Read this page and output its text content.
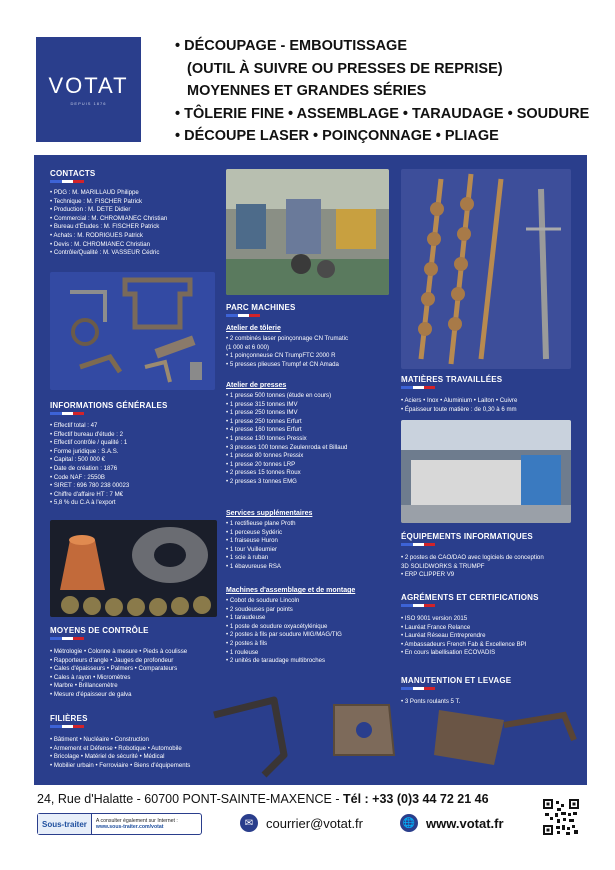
VOTAT
DEPUIS 1876
• DÉCOUPAGE - EMBOUTISSAGE
(OUTIL À SUIVRE OU PRESSES DE REPRISE)
MOYENNES ET GRANDES SÉRIES
• TÔLERIE FINE • ASSEMBLAGE • TARAUDAGE • SOUDURE
• DÉCOUPE LASER • POINÇONNAGE • PLIAGE
CONTACTS
• PDG : M. MARILLAUD Philippe
• Technique : M. FISCHER Patrick
• Production : M. DETE Didier
• Commercial : M. CHROMIANEC Christian
• Bureau d'Études : M. FISCHER Patrick
• Achats : M. RODRIGUES Patrick
• Devis : M. CHROMIANEC Christian
• Contrôle/Qualité : M. VASSEUR Cédric
INFORMATIONS GÉNÉRALES
• Effectif total : 47
• Effectif bureau d'étude : 2
• Effectif contrôle / qualité : 1
• Forme juridique : S.A.S.
• Capital : 500 000 €
• Date de création : 1876
• Code NAF : 2550B
• SIRET : 696 780 238 00023
• Chiffre d'affaire HT : 7 M€
• 5,8 % du C.A à l'export
MOYENS DE CONTRÔLE
• Métrologie • Colonne à mesure • Pieds à coulisse
• Rapporteurs d'angle • Jauges de profondeur
• Cales d'épaisseurs • Palmers • Comparateurs
• Cales à rayon • Micromètres
• Marbre • Brillancemètre
• Mesure d'épaisseur de galva
FILIÈRES
• Bâtiment • Nucléaire • Construction
• Armement et Défense • Robotique • Automobile
• Bricolage • Matériel de sécurité • Médical
• Mobilier urbain • Ferroviaire • Biens d'équipements
PARC MACHINES
Atelier de tôlerie
• 2 combinés laser poinçonnage CN Trumatic
(1 000 et 6 000)
• 1 poinçonneuse CN TrumpFTC 2000 R
• 5 presses plieuses Trumpf et CN Amada
Atelier de presses
• 1 presse 500 tonnes (étude en cours)
• 1 presse 315 tonnes IMV
• 1 presse 250 tonnes IMV
• 1 presse 250 tonnes Erfurt
• 4 presse 160 tonnes Erfurt
• 1 presse 130 tonnes Pressix
• 3 presses 100 tonnes Zeulenroda et Billaud
• 1 presse 80 tonnes Pressix
• 1 presse 20 tonnes LRP
• 2 presses 15 tonnes Roux
• 2 presses 3 tonnes EMG
Services supplémentaires
• 1 rectifieuse plane Proth
• 1 perceuse Sydéric
• 1 fraiseuse Huron
• 1 tour Vuilleumier
• 1 scie à ruban
• 1 ébavureuse RSA
Machines d'assemblage et de montage
• Cobot de soudure Lincoln
• 2 soudeuses par points
• 1 taraudeuse
• 1 poste de soudure oxyacétylénique
• 2 postes à fils par soudure MIG/MAG/TIG
• 2 postes à fils
• 1 rouleuse
• 2 unités de taraudage multibroches
MATIÈRES TRAVAILLÉES
• Aciers • Inox • Aluminium • Laiton • Cuivre
• Épaisseur toute matière : de 0,30 à 6 mm
ÉQUIPEMENTS INFORMATIQUES
• 2 postes de CAO/DAO avec logiciels de conception
3D SOLIDWORKS & TRUMPF
• ERP CLIPPER V9
AGRÉMENTS ET CERTIFICATIONS
• ISO 9001 version 2015
• Lauréat France Relance
• Lauréat Réseau Entreprendre
• Ambassadeurs French Fab & Excellence BPI
• En cours labellisation ECOVADIS
MANUTENTION ET LEVAGE
• 3 Ponts roulants 5 T.
24, Rue d'Halatte - 60700 PONT-SAINTE-MAXENCE - Tél : +33 (0)3 44 72 21 46
Sous-traiter	A consulter également sur Internet :
www.sous-traiter.com/votat	✉ courrier@votat.fr	🌐 www.votat.fr
